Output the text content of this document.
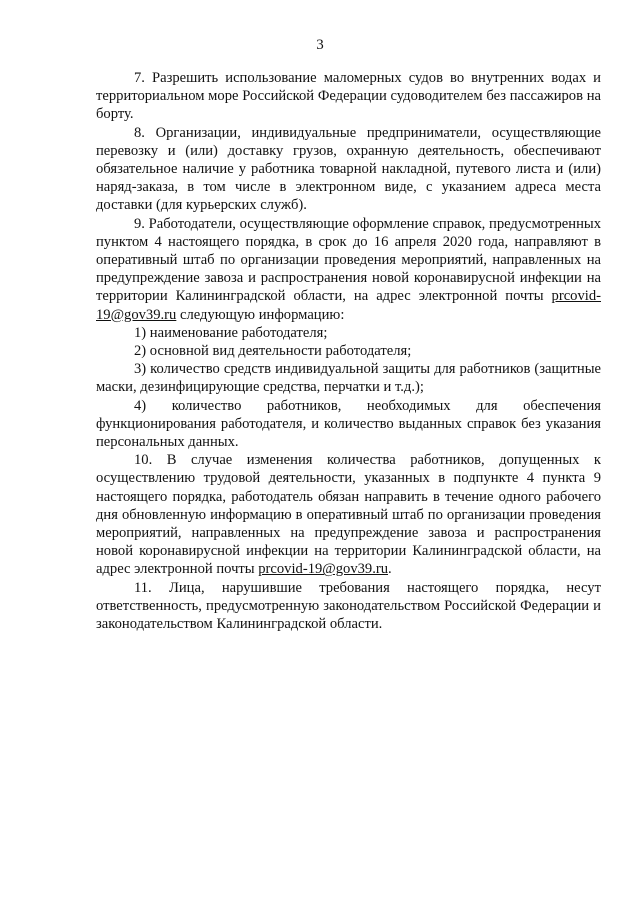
3

7. Разрешить использование маломерных судов во внутренних водах и территориальном море Российской Федерации судоводителем без пассажиров на борту.

8. Организации, индивидуальные предприниматели, осуществляющие перевозку и (или) доставку грузов, охранную деятельность, обеспечивают обязательное наличие у работника товарной накладной, путевого листа и (или) наряд-заказа, в том числе в электронном виде, с указанием адреса места доставки (для курьерских служб).

9. Работодатели, осуществляющие оформление справок, предусмотренных пунктом 4 настоящего порядка, в срок до 16 апреля 2020 года, направляют в оперативный штаб по организации проведения мероприятий, направленных на предупреждение завоза и распространения новой коронавирусной инфекции на территории Калининградской области, на адрес электронной почты prcovid-19@gov39.ru следующую информацию:

1) наименование работодателя;

2) основной вид деятельности работодателя;

3) количество средств индивидуальной защиты для работников (защитные маски, дезинфицирующие средства, перчатки и т.д.);

4) количество работников, необходимых для обеспечения функционирования работодателя, и количество выданных справок без указания персональных данных.

10. В случае изменения количества работников, допущенных к осуществлению трудовой деятельности, указанных в подпункте 4 пункта 9 настоящего порядка, работодатель обязан направить в течение одного рабочего дня обновленную информацию в оперативный штаб по организации проведения мероприятий, направленных на предупреждение завоза и распространения новой коронавирусной инфекции на территории Калининградской области, на адрес электронной почты prcovid-19@gov39.ru.

11. Лица, нарушившие требования настоящего порядка, несут ответственность, предусмотренную законодательством Российской Федерации и законодательством Калининградской области.
